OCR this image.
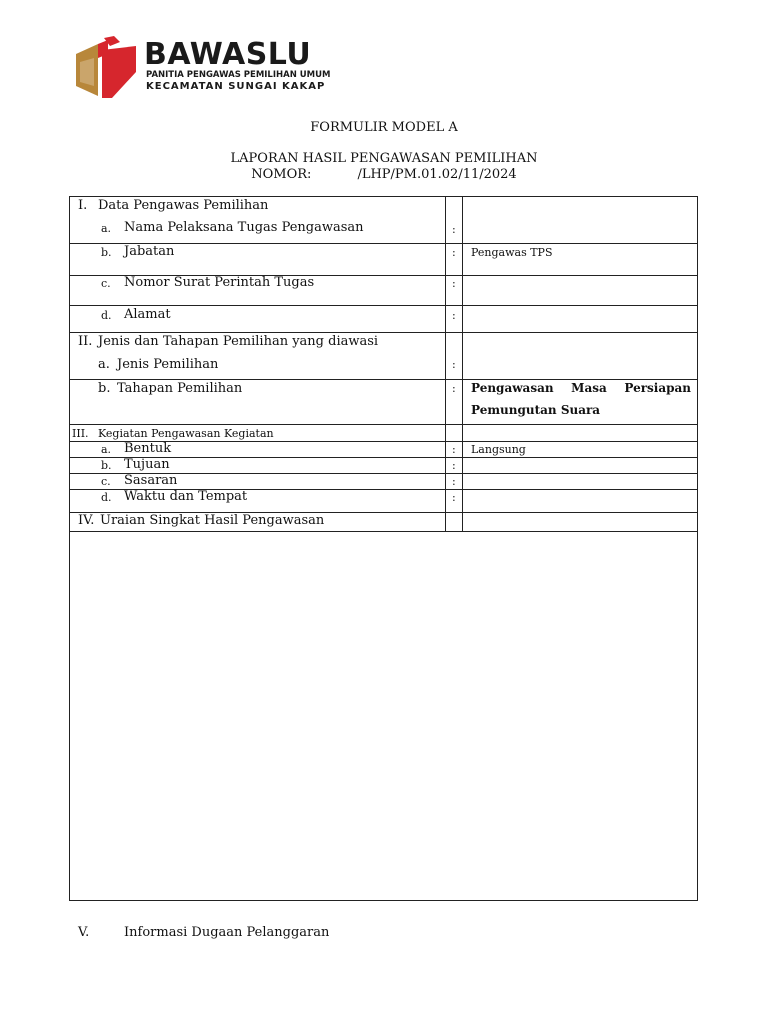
BAWASLU
PANITIA PENGAWAS PEMILIHAN UMUM
KECAMATAN SUNGAI KAKAP
FORMULIR MODEL A
LAPORAN HASIL PENGAWASAN PEMILIHAN
NOMOR:	/LHP/PM.01.02/11/2024
I. Data Pengawas Pemilihan
a. Nama Pelaksana Tugas Pengawasan	:
b. Jabatan	: Pengawas TPS
c. Nomor Surat Perintah Tugas	:
d. Alamat	:
II. Jenis dan Tahapan Pemilihan yang diawasi
a. Jenis Pemilihan	:
b. Tahapan Pemilihan	: Pengawasan Masa Persiapan
Pemungutan Suara
III. Kegiatan Pengawasan Kegiatan
a. Bentuk	: Langsung
b. Tujuan	:
c. Sasaran	:
d. Waktu dan Tempat	:
IV. Uraian Singkat Hasil Pengawasan
V.	Informasi Dugaan Pelanggaran
